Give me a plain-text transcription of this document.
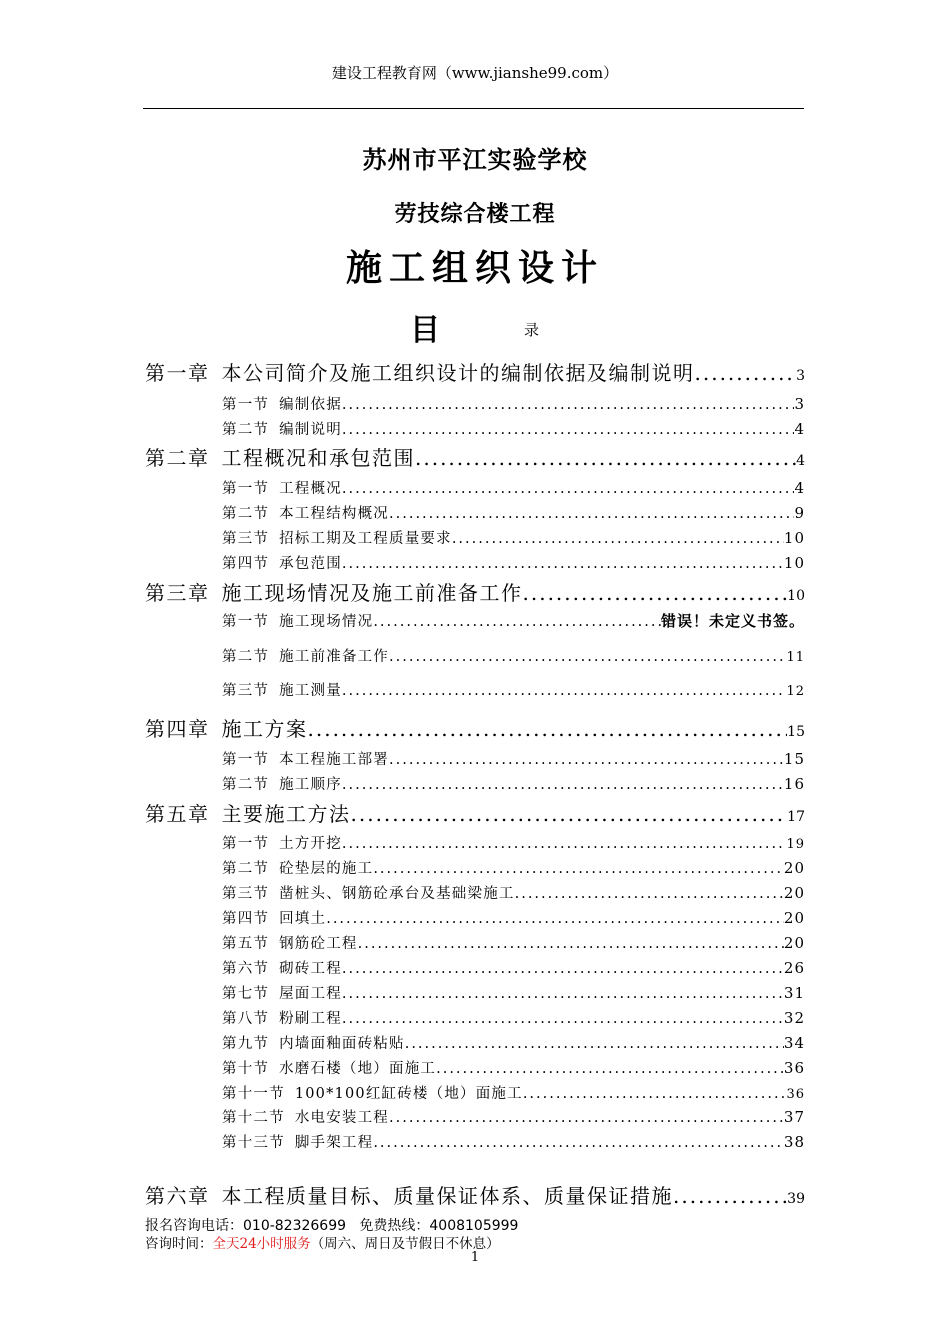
建设工程教育网（www.jianshe99.com）
苏州市平江实验学校
劳技综合楼工程
施工组织设计
目	录
第一章 本公司简介及施工组织设计的编制依据及编制说明 .....	3
第一节 编制依据 .....	3
第二节 编制说明 .....	4
第二章 工程概况和承包范围 .....	4
第一节 工程概况 .....	4
第二节 本工程结构概况 .....	9
第三节 招标工期及工程质量要求 .....	10
第四节 承包范围 .....	10
第三章 施工现场情况及施工前准备工作 .....	10
第一节 施工现场情况 .....	错误！未定义书签。
第二节 施工前准备工作 .....	11
第三节 施工测量 .....	12
第四章 施工方案 .....	15
第一节 本工程施工部署 .....	15
第二节 施工顺序 .....	16
第五章 主要施工方法 .....	17
第一节 土方开挖 .....	19
第二节 砼垫层的施工 .....	20
第三节 凿桩头、钢筋砼承台及基础梁施工 .....	20
第四节 回填土 .....	20
第五节 钢筋砼工程 .....	20
第六节 砌砖工程 .....	26
第七节 屋面工程 .....	31
第八节 粉刷工程 .....	32
第九节 内墙面釉面砖粘贴 .....	34
第十节 水磨石楼（地）面施工 .....	36
第十一节 100*100红缸砖楼（地）面施工 .....	36
第十二节 水电安装工程 .....	37
第十三节 脚手架工程 .....	38
第六章 本工程质量目标、质量保证体系、质量保证措施 .....	39
报名咨询电话：010-82326699 免费热线：4008105999
咨询时间：全天24小时服务（周六、周日及节假日不休息）
1
